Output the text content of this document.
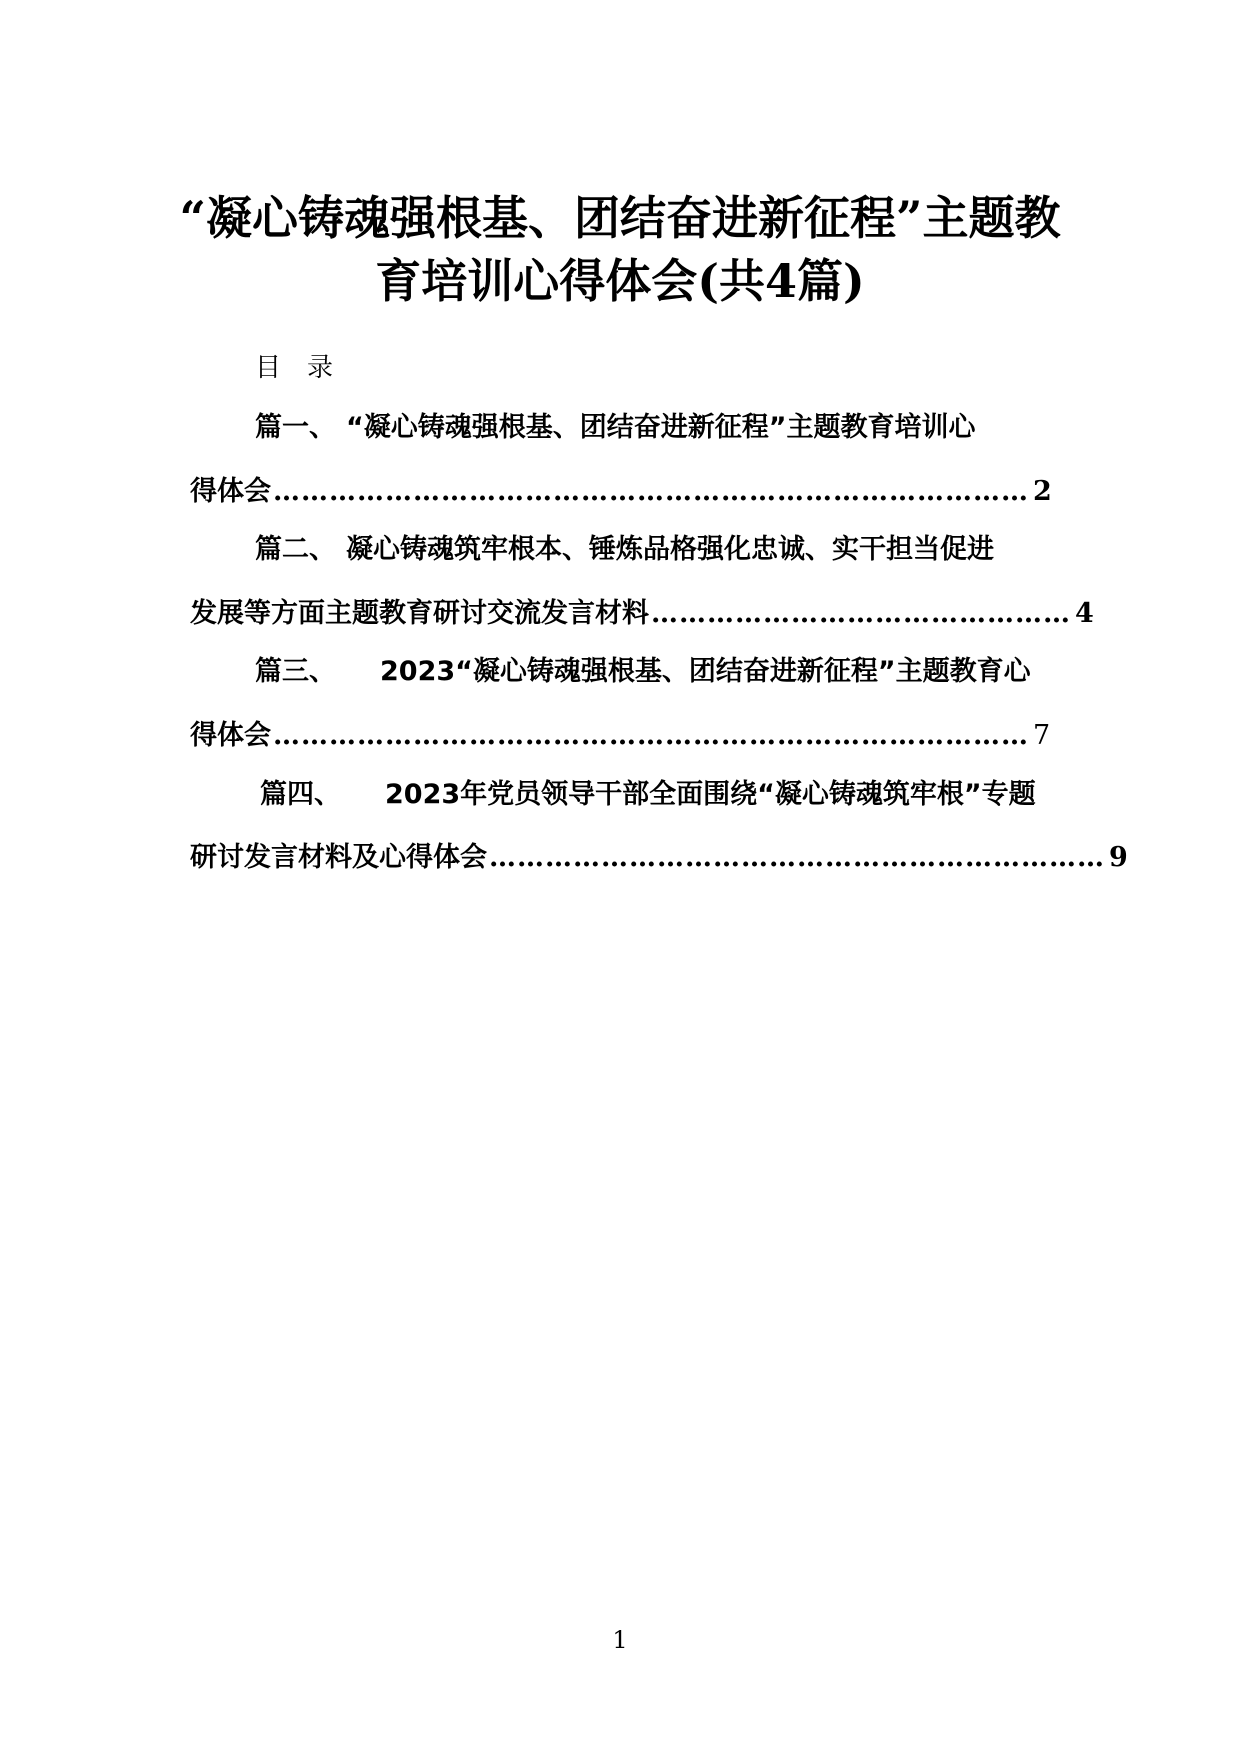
“凝心铸魂强根基、团结奋进新征程”主题教
育培训心得体会(共4篇)
目录
篇一、 “凝心铸魂强根基、团结奋进新征程”主题教育培训心
得体会 ……………………………………………………………………… 2
篇二、 凝心铸魂筑牢根本、锤炼品格强化忠诚、实干担当促进
发展等方面主题教育研讨交流发言材料 ……………………………………… 4
篇三、 2023“凝心铸魂强根基、团结奋进新征程”主题教育心
得体会 ……………………………………………………………………… 7
篇四、 2023年党员领导干部全面围绕“凝心铸魂筑牢根”专题
研讨发言材料及心得体会 ………………………………………………………… 9
1
